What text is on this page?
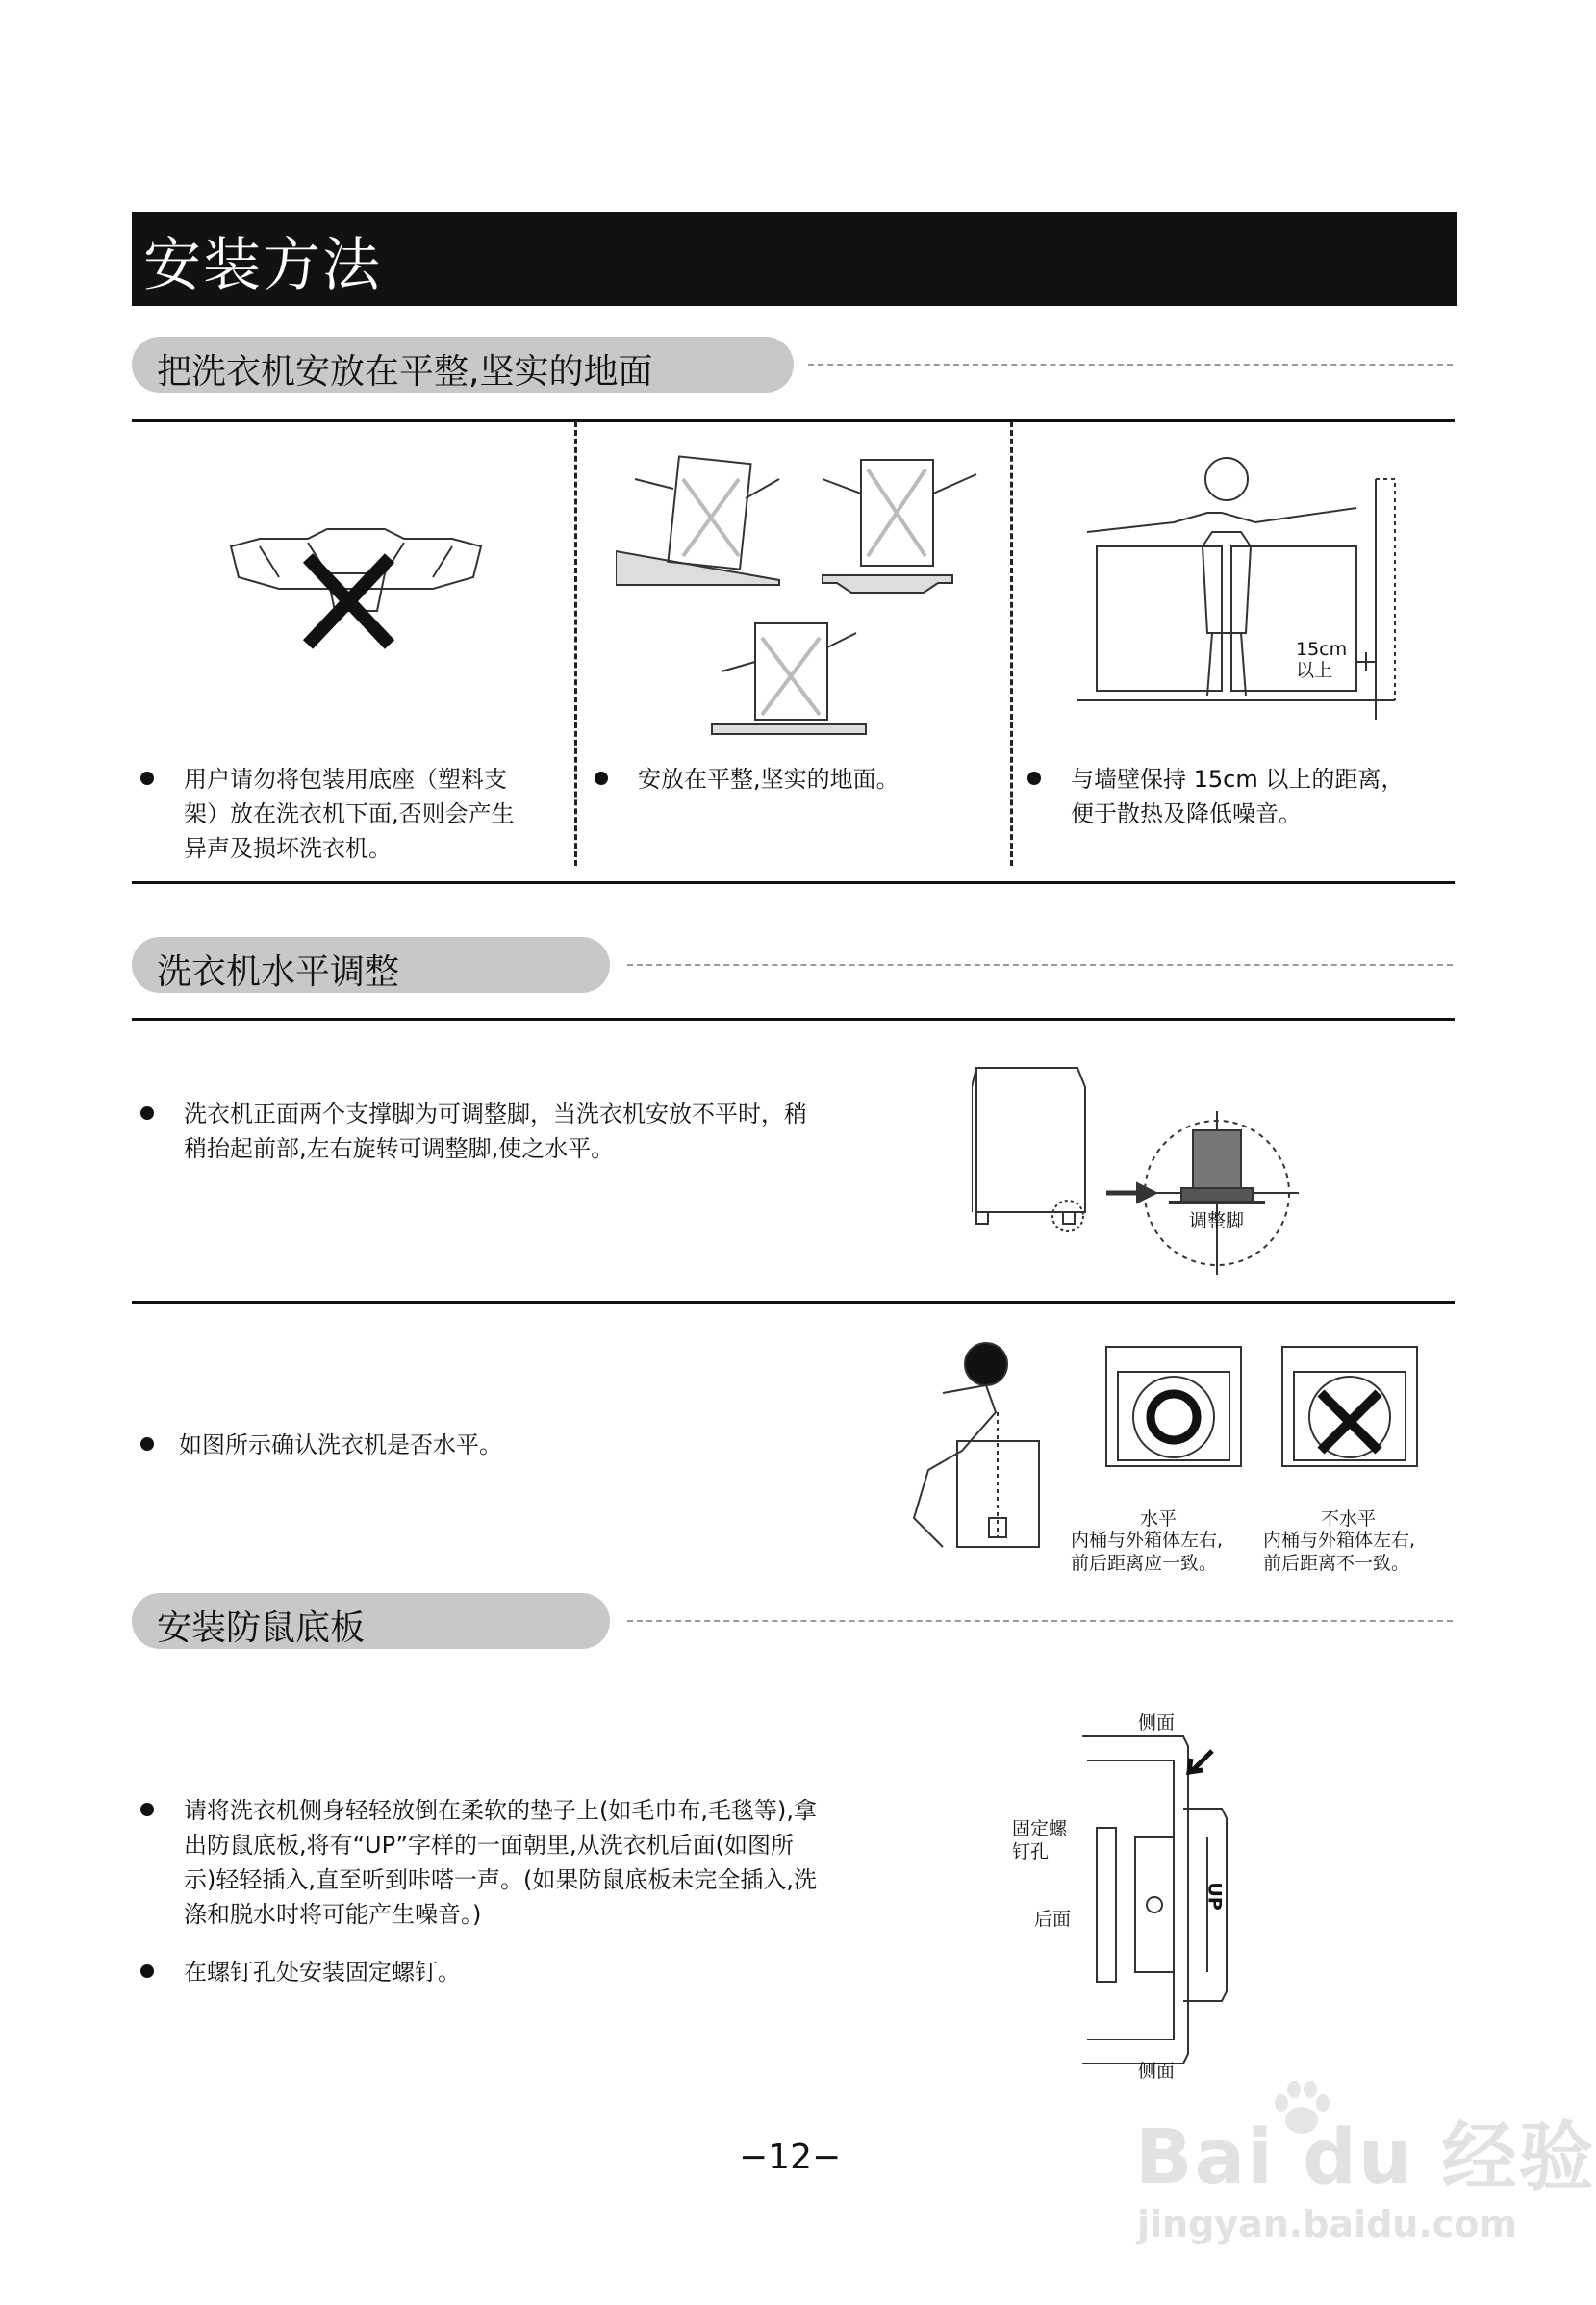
安装方法
把洗衣机安放在平整,坚实的地面
15cm
以上
用户请勿将包装用底座（塑料支
架）放在洗衣机下面,否则会产生
异声及损坏洗衣机。
安放在平整,坚实的地面。	与墙壁保持 15cm 以上的距离，
便于散热及降低噪音。
洗衣机水平调整
洗衣机正面两个支撑脚为可调整脚，当洗衣机安放不平时，稍
稍抬起前部,左右旋转可调整脚,使之水平。
调整脚
如图所示确认洗衣机是否水平。
水平
内桶与外箱体左右,
前后距离应一致。
不水平
内桶与外箱体左右,
前后距离不一致。
安装防鼠底板
请将洗衣机侧身轻轻放倒在柔软的垫子上(如毛巾布,毛毯等),拿
出防鼠底板,将有“UP”字样的一面朝里,从洗衣机后面(如图所
示)轻轻插入,直至听到咔嗒一声。(如果防鼠底板未完全插入,洗
涤和脱水时将可能产生噪音。)
在螺钉孔处安装固定螺钉。
侧面
侧面
固定螺
钉孔
后面
UP
−12−	Bai du 经验
jingyan.baidu.com
